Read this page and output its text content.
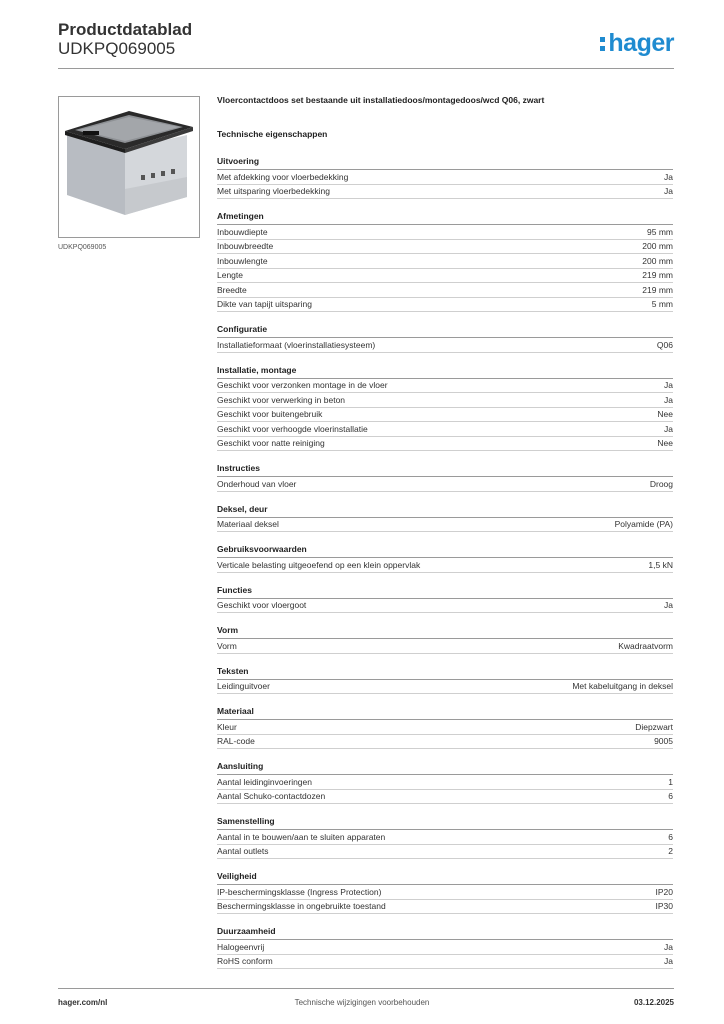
Productdatablad
UDKPQ069005	hager
UDKPQ069005
Vloercontactdoos set bestaande uit installatiedoos/montagedoos/wcd Q06, zwart
Technische eigenschappen
Uitvoering
Met afdekking voor vloerbedekking	Ja
Met uitsparing vloerbedekking	Ja
Afmetingen
Inbouwdiepte	95 mm
Inbouwbreedte	200 mm
Inbouwlengte	200 mm
Lengte	219 mm
Breedte	219 mm
Dikte van tapijt uitsparing	5 mm
Configuratie
Installatieformaat (vloerinstallatiesysteem)	Q06
Installatie, montage
Geschikt voor verzonken montage in de vloer	Ja
Geschikt voor verwerking in beton	Ja
Geschikt voor buitengebruik	Nee
Geschikt voor verhoogde vloerinstallatie	Ja
Geschikt voor natte reiniging	Nee
Instructies
Onderhoud van vloer	Droog
Deksel, deur
Materiaal deksel	Polyamide (PA)
Gebruiksvoorwaarden
Verticale belasting uitgeoefend op een klein oppervlak	1,5 kN
Functies
Geschikt voor vloergoot	Ja
Vorm
Vorm	Kwadraatvorm
Teksten
Leidinguitvoer	Met kabeluitgang in deksel
Materiaal
Kleur	Diepzwart
RAL-code	9005
Aansluiting
Aantal leidinginvoeringen	1
Aantal Schuko-contactdozen	6
Samenstelling
Aantal in te bouwen/aan te sluiten apparaten	6
Aantal outlets	2
Veiligheid
IP-beschermingsklasse (Ingress Protection)	IP20
Beschermingsklasse in ongebruikte toestand	IP30
Duurzaamheid
Halogeenvrij	Ja
RoHS conform	Ja
hager.com/nl	Technische wijzigingen voorbehouden	03.12.2025
